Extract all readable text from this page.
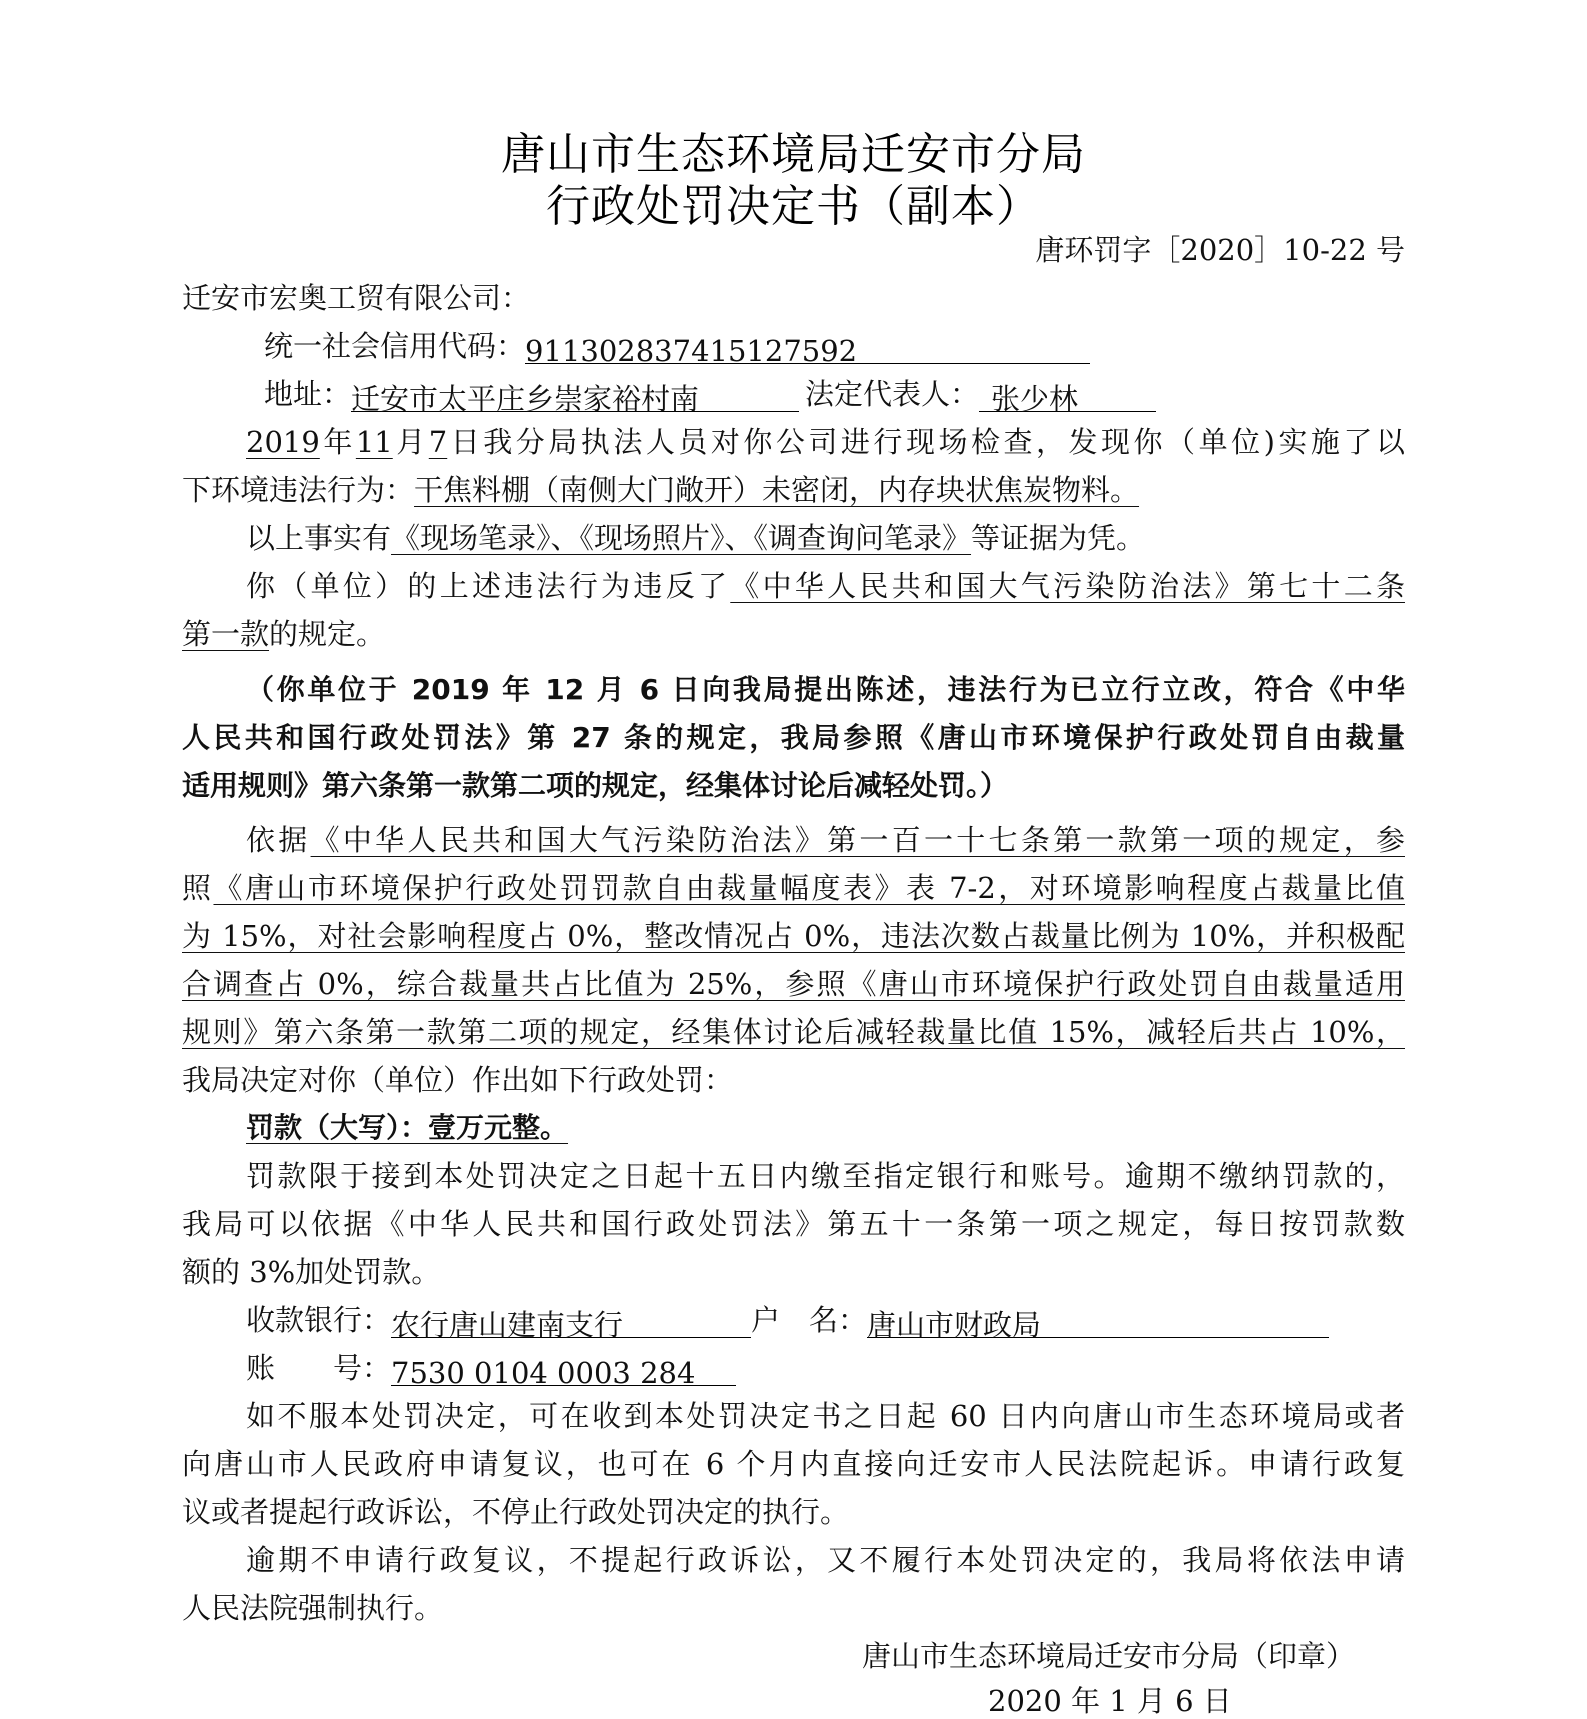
唐山市生态环境局迁安市分局
行政处罚决定书（副本）
唐环罚字［2020］10-22 号
迁安市宏奥工贸有限公司：
统一社会信用代码：911302837415127592
地址：迁安市太平庄乡崇家裕村南	法定代表人： 张少林
2019年11月7日我分局执法人员对你公司进行现场检查，发现你（单位)实施了以
下环境违法行为：干焦料棚（南侧大门敞开）未密闭，内存块状焦炭物料。
以上事实有《现场笔录》、《现场照片》、《调查询问笔录》等证据为凭。
你（单位）的上述违法行为违反了《中华人民共和国大气污染防治法》第七十二条
第一款的规定。
（你单位于 2019 年 12 月 6 日向我局提出陈述，违法行为已立行立改，符合《中华
人民共和国行政处罚法》第 27 条的规定，我局参照《唐山市环境保护行政处罚自由裁量
适用规则》第六条第一款第二项的规定，经集体讨论后减轻处罚。）
依据《中华人民共和国大气污染防治法》第一百一十七条第一款第一项的规定，参
照《唐山市环境保护行政处罚罚款自由裁量幅度表》表 7-2，对环境影响程度占裁量比值
为 15%，对社会影响程度占 0%，整改情况占 0%，违法次数占裁量比例为 10%，并积极配
合调查占 0%，综合裁量共占比值为 25%，参照《唐山市环境保护行政处罚自由裁量适用
规则》第六条第一款第二项的规定，经集体讨论后减轻裁量比值 15%，减轻后共占 10%，
我局决定对你（单位）作出如下行政处罚：
罚款（大写）：壹万元整。
罚款限于接到本处罚决定之日起十五日内缴至指定银行和账号。逾期不缴纳罚款的，
我局可以依据《中华人民共和国行政处罚法》第五十一条第一项之规定，每日按罚款数
额的 3%加处罚款。
收款银行：农行唐山建南支行	户　名：唐山市财政局
账　　号：7530 0104 0003 284
如不服本处罚决定，可在收到本处罚决定书之日起 60 日内向唐山市生态环境局或者
向唐山市人民政府申请复议，也可在 6 个月内直接向迁安市人民法院起诉。申请行政复
议或者提起行政诉讼，不停止行政处罚决定的执行。
逾期不申请行政复议，不提起行政诉讼，又不履行本处罚决定的，我局将依法申请
人民法院强制执行。
唐山市生态环境局迁安市分局（印章）
2020 年 1 月 6 日
